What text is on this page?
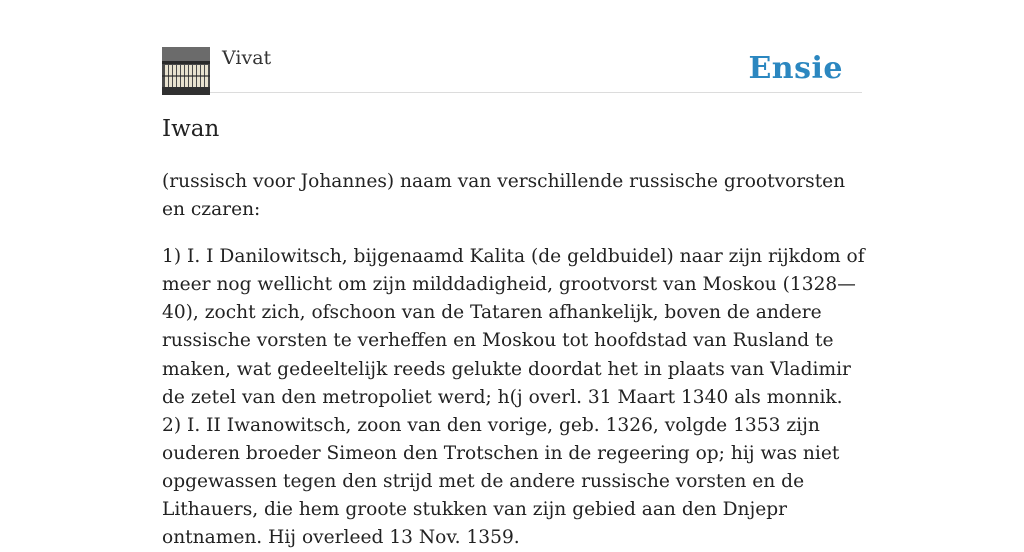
Vivat	Ensie
Iwan

(russisch voor Johannes) naam van verschillende russische grootvorsten en czaren:

1) I. I Danilowitsch, bijgenaamd Kalita (de geldbuidel) naar zijn rijkdom of meer nog wellicht om zijn milddadigheid, grootvorst van Moskou (1328—40), zocht zich, ofschoon van de Tataren afhankelijk, boven de andere russische vorsten te verheffen en Moskou tot hoofdstad van Rusland te maken, wat gedeeltelijk reeds gelukte doordat het in plaats van Vladimir de zetel van den metropoliet werd; h(j overl. 31 Maart 1340 als monnik.

2) I. II Iwanowitsch, zoon van den vorige, geb. 1326, volgde 1353 zijn ouderen broeder Simeon den Trotschen in de regeering op; hij was niet opgewassen tegen den strijd met de andere russische vorsten en de Lithauers, die hem groote stukken van zijn gebied aan den Dnjepr ontnamen. Hij overleed 13 Nov. 1359.
